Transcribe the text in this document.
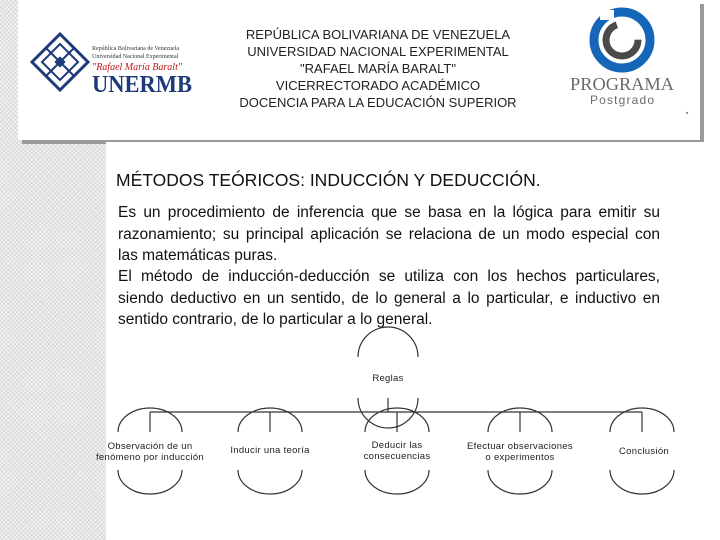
República Bolivariana de Venezuela
Universidad Nacional Experimental
"Rafael María Baralt"
UNERMB
REPÚBLICA BOLIVARIANA DE VENEZUELA
UNIVERSIDAD NACIONAL EXPERIMENTAL
"RAFAEL MARÍA BARALT"
VICERRECTORADO ACADÉMICO
DOCENCIA PARA LA EDUCACIÓN SUPERIOR
PROGRAMA
Postgrado
■
MÉTODOS TEÓRICOS: INDUCCIÓN Y DEDUCCIÓN.
Es un procedimiento de inferencia que se basa en la lógica para emitir su razonamiento; su principal aplicación se relaciona de un modo especial con las matemáticas puras.
El método de inducción-deducción se utiliza con los hechos particulares, siendo deductivo en un sentido, de lo general a lo particular, e inductivo en sentido contrario, de lo particular a lo general.
Reglas
Observación de un
fenómeno por inducción
Inducir una teoría	Deducir las
consecuencias
Efectuar observaciones
o experimentos
Conclusión
